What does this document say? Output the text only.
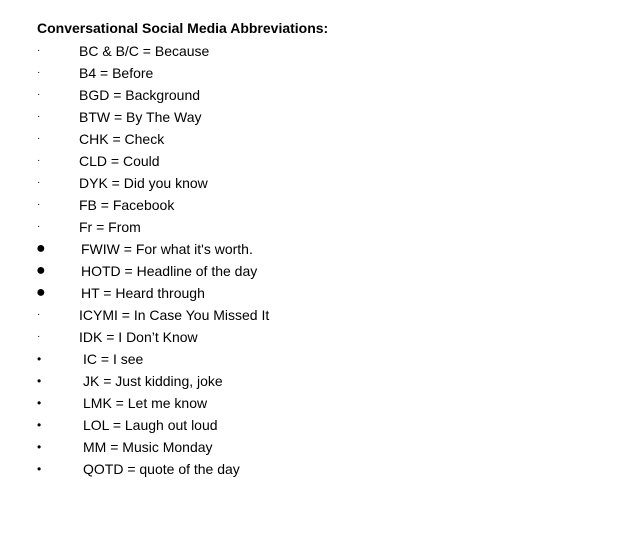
Conversational Social Media Abbreviations:
·	BC & B/C = Because
·	B4 = Before
·	BGD = Background
·	BTW = By The Way
·	CHK = Check
·	CLD = Could
·	DYK = Did you know
·	FB = Facebook
·	Fr = From
●	FWIW = For what it's worth.
●	HOTD = Headline of the day
●	HT = Heard through
·	ICYMI = In Case You Missed It
·	IDK = I Don’t Know
•	IC = I see
•	JK = Just kidding, joke
•	LMK = Let me know
•	LOL = Laugh out loud
•	MM = Music Monday
•	QOTD = quote of the day
